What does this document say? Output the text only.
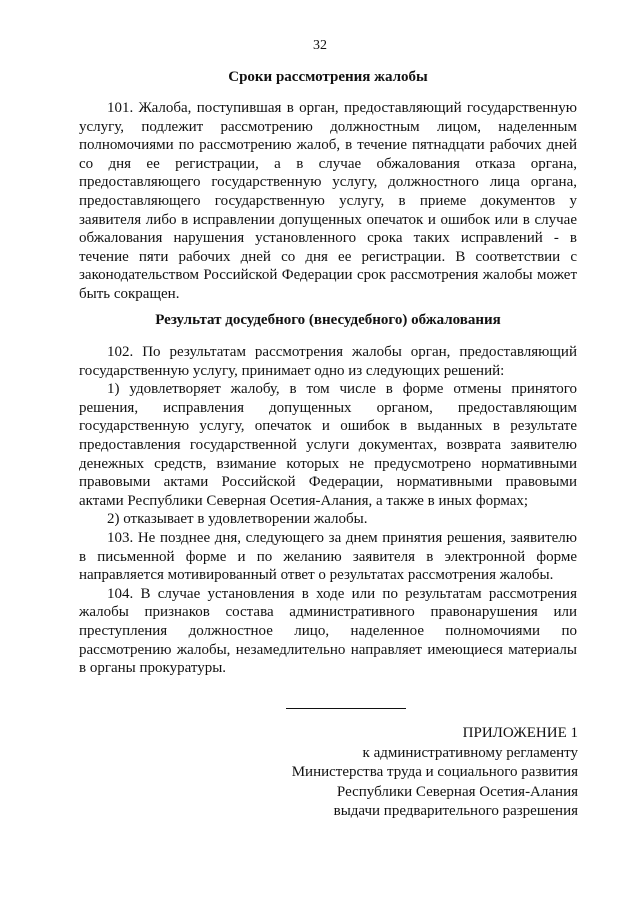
32
Сроки рассмотрения жалобы

101. Жалоба, поступившая в орган, предоставляющий государственную услугу, подлежит рассмотрению должностным лицом, наделенным полномочиями по рассмотрению жалоб, в течение пятнадцати рабочих дней со дня ее регистрации, а в случае обжалования отказа органа, предоставляющего государственную услугу, должностного лица органа, предоставляющего государственную услугу, в приеме документов у заявителя либо в исправлении допущенных опечаток и ошибок или в случае обжалования нарушения установленного срока таких исправлений - в течение пяти рабочих дней со дня ее регистрации. В соответствии с законодательством Российской Федерации срок рассмотрения жалобы может быть сокращен.

Результат досудебного (внесудебного) обжалования

102. По результатам рассмотрения жалобы орган, предоставляющий государственную услугу, принимает одно из следующих решений:

1) удовлетворяет жалобу, в том числе в форме отмены принятого решения, исправления допущенных органом, предоставляющим государственную услугу, опечаток и ошибок в выданных в результате предоставления государственной услуги документах, возврата заявителю денежных средств, взимание которых не предусмотрено нормативными правовыми актами Российской Федерации, нормативными правовыми актами Республики Северная Осетия-Алания, а также в иных формах;

2) отказывает в удовлетворении жалобы.

103. Не позднее дня, следующего за днем принятия решения, заявителю в письменной форме и по желанию заявителя в электронной форме направляется мотивированный ответ о результатах рассмотрения жалобы.

104. В случае установления в ходе или по результатам рассмотрения жалобы признаков состава административного правонарушения или преступления должностное лицо, наделенное полномочиями по рассмотрению жалобы, незамедлительно направляет имеющиеся материалы в органы прокуратуры.

ПРИЛОЖЕНИЕ 1
к административному регламенту
Министерства труда и социального развития
Республики Северная Осетия-Алания
выдачи предварительного разрешения
